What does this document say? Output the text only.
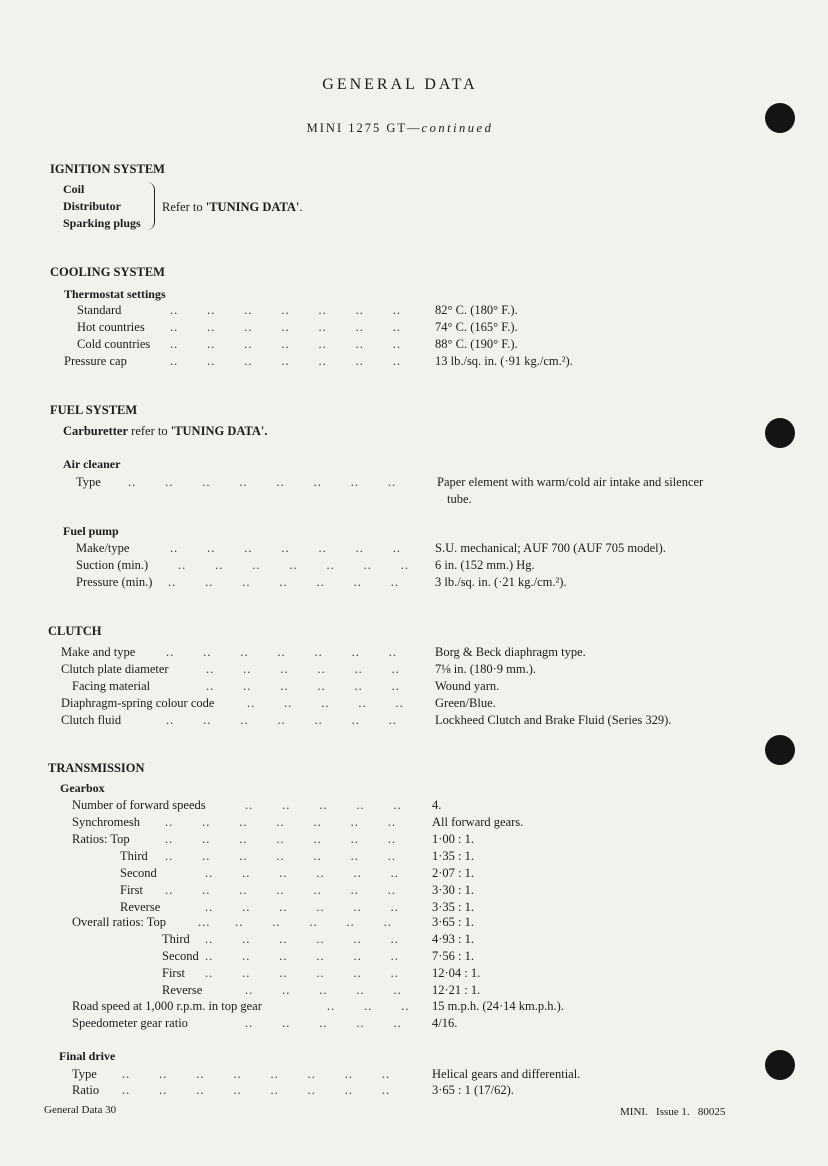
GENERAL DATA
MINI 1275 GT—continued
IGNITION SYSTEM
Coil
Distributor
Sparking plugs
Refer to 'TUNING DATA'.
COOLING SYSTEM
Thermostat settings
Standard	..       ..       ..       ..       ..       ..       ..	82° C. (180° F.).
Hot countries ..       ..       ..       ..       ..       ..       ..	74° C. (165° F.).
Cold countries ..       ..       ..       ..       ..       ..       ..	88° C. (190° F.).
Pressure cap	..       ..       ..       ..       ..       ..       ..	13 lb./sq. in. (·91 kg./cm.²).
FUEL SYSTEM
Carburetter refer to 'TUNING DATA'.
Air cleaner
Type ..       ..       ..       ..       ..       ..       ..       ..	Paper element with warm/cold air intake and silencer
tube.
Fuel pump
Make/type	..       ..       ..       ..       ..       ..       ..	S.U. mechanical; AUF 700 (AUF 705 model).
Suction (min.) ..       ..       ..       ..       ..       ..       .. 6 in. (152 mm.) Hg.
Pressure (min.) ..       ..       ..       ..       ..       ..       ..	3 lb./sq. in. (·21 kg./cm.²).
CLUTCH
Make and type ..       ..       ..       ..       ..       ..       ..	Borg & Beck diaphragm type.
Clutch plate diameter	..       ..       ..       ..       ..       ..	7⅛ in. (180·9 mm.).
Facing material	..       ..       ..       ..       ..       ..	Wound yarn.
Diaphragm-spring colour code	..       ..       ..       ..       ..	Green/Blue.
Clutch fluid	..       ..       ..       ..       ..       ..       ..	Lockheed Clutch and Brake Fluid (Series 329).
TRANSMISSION
Gearbox
Number of forward speeds	..       ..       ..       ..       .. 4.
Synchromesh ..       ..       ..       ..       ..       ..       ..	All forward gears.
Ratios: Top	..       ..       ..       ..       ..       ..       ..	1·00 : 1.
Third ..       ..       ..       ..       ..       ..       ..	1·35 : 1.
Second	..       ..       ..       ..       ..       ..	2·07 : 1.
First ..       ..       ..       ..       ..       ..       ..	3·30 : 1.
Reverse	..       ..       ..       ..       ..       ..	3·35 : 1.
Overall ratios: Top	...      ..       ..       ..       ..       ..	3·65 : 1.
Third ..       ..       ..       ..       ..       ..	4·93 : 1.
Second ..       ..       ..       ..       ..       ..	7·56 : 1.
First ..       ..       ..       ..       ..       ..	12·04 : 1.
Reverse	..       ..       ..       ..       .. 12·21 : 1.
Road speed at 1,000 r.p.m. in top gear	..       ..       .. 15 m.p.h. (24·14 km.p.h.).
Speedometer gear ratio	..       ..       ..       ..       .. 4/16.
Final drive
Type ..       ..       ..       ..       ..       ..       ..       ..	Helical gears and differential.
Ratio ..       ..       ..       ..       ..       ..       ..       ..	3·65 : 1 (17/62).
General Data 30	MINI.   Issue 1.   80025
